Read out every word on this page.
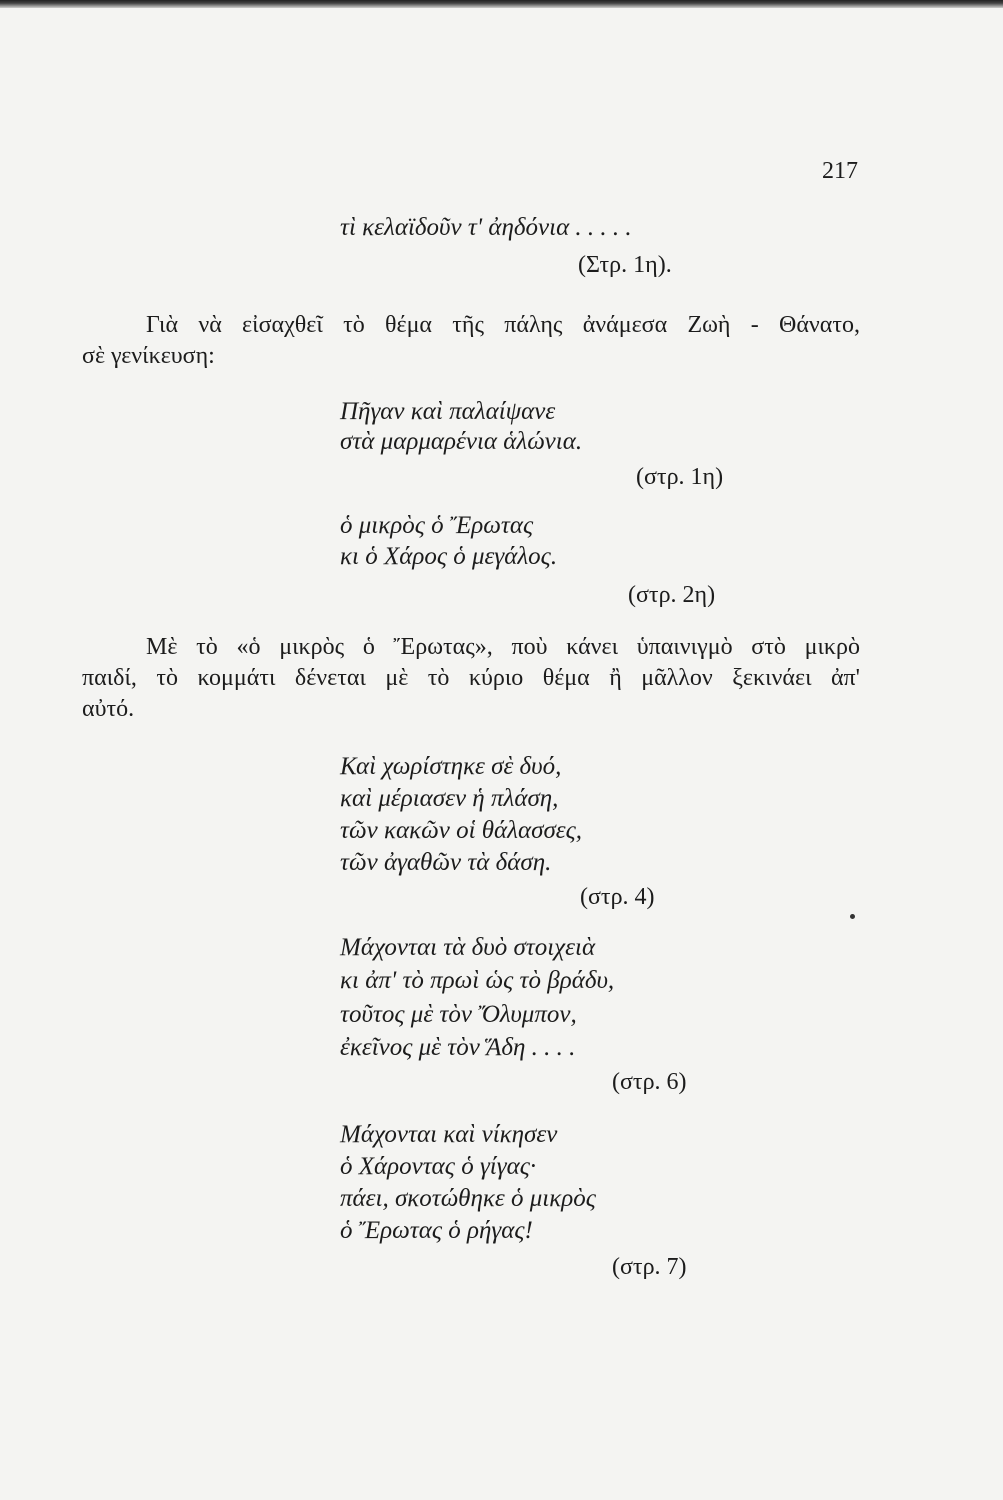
217
τὶ κελαϊδοῦν τ' ἀηδόνια . . . . .
(Στρ. 1η).
Γιὰ νὰ εἰσαχθεῖ τὸ θέμα τῆς πάλης ἀνάμεσα Ζωὴ - Θάνατο,
σὲ γενίκευση:
Πῆγαν καὶ παλαίψανε
στὰ μαρμαρένια ἁλώνια.
(στρ. 1η)
ὁ μικρὸς ὁ Ἔρωτας
κι ὁ Χάρος ὁ μεγάλος.
(στρ. 2η)
Μὲ τὸ «ὁ μικρὸς ὁ Ἔρωτας», ποὺ κάνει ὑπαινιγμὸ στὸ μικρὸ
παιδί, τὸ κομμάτι δένεται μὲ τὸ κύριο θέμα ἢ μᾶλλον ξεκινάει ἀπ'
αὐτό.
Καὶ χωρίστηκε σὲ δυό,
καὶ μέριασεν ἡ πλάση,
τῶν κακῶν οἱ θάλασσες,
τῶν ἀγαθῶν τὰ δάση.
(στρ. 4)
Μάχονται τὰ δυὸ στοιχειὰ
κι ἀπ' τὸ πρωὶ ὡς τὸ βράδυ,
τοῦτος μὲ τὸν Ὄλυμπον,
ἐκεῖνος μὲ τὸν Ἅδη . . . .
(στρ. 6)
Μάχονται καὶ νίκησεν
ὁ Χάροντας ὁ γίγας·
πάει, σκοτώθηκε ὁ μικρὸς
ὁ Ἔρωτας ὁ ρήγας!
(στρ. 7)
